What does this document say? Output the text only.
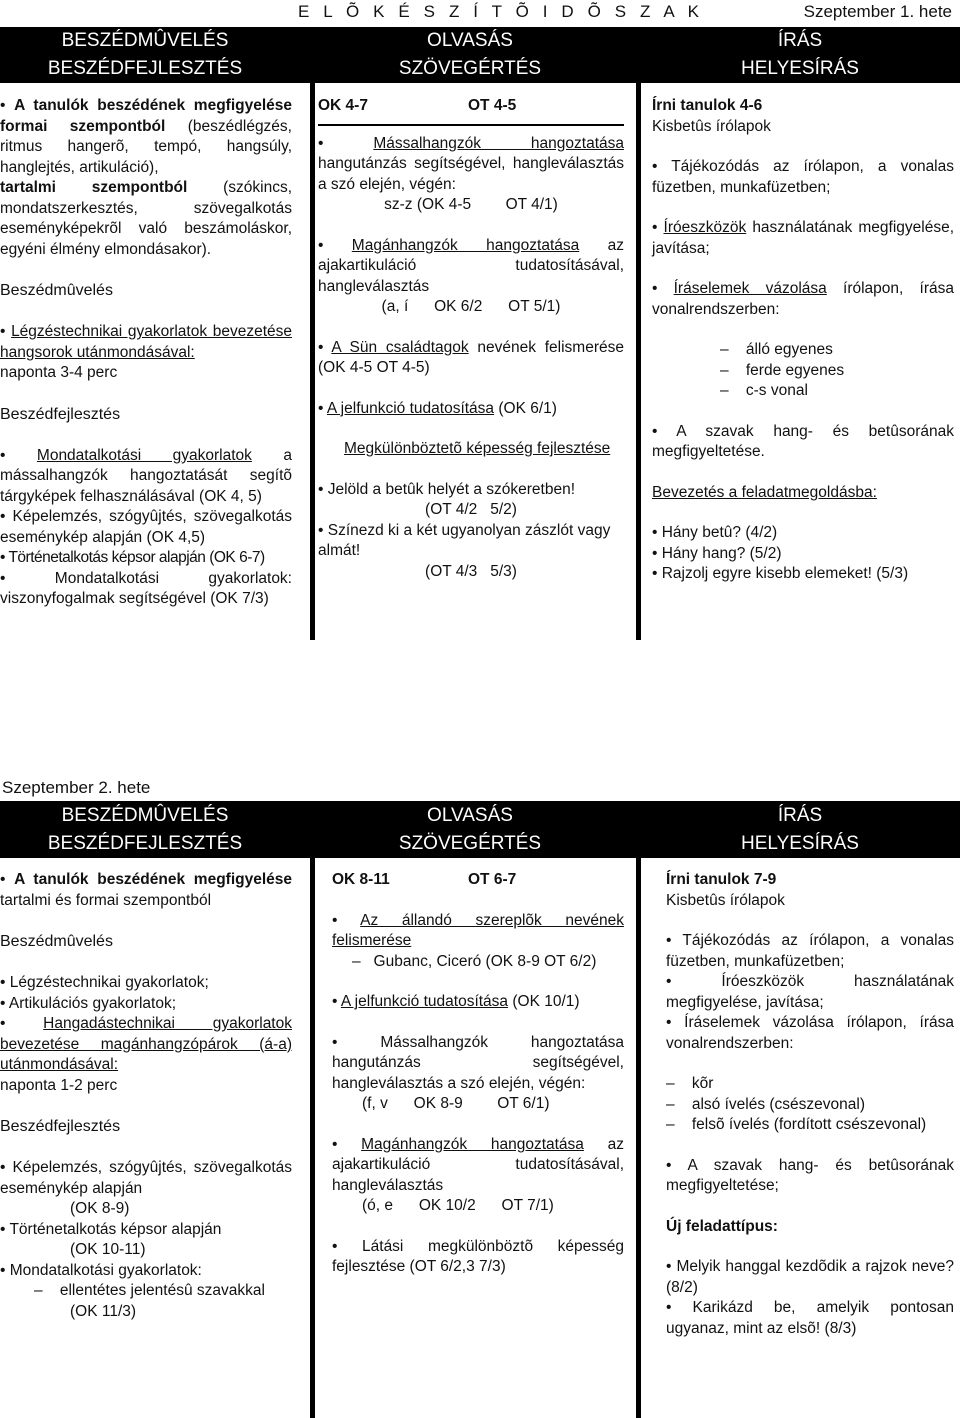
E L Õ K É S Z Í T Õ I D Õ S Z A K	Szeptember 1. hete
BESZÉDMÛVELÉS
BESZÉDFEJLESZTÉS
OLVASÁS
SZÖVEGÉRTÉS
ÍRÁS
HELYESÍRÁS

• A tanulók beszédének megfigyelése formai szempontból (beszédlégzés, ritmus hangerõ, tempó, hangsúly, hanglejtés, artikuláció),
tartalmi szempontból (szókincs, mondatszerkesztés, szövegalkotás eseményképekrõl való beszámoláskor, egyéni élmény elmondásakor).

Beszédmûvelés

• Légzéstechnikai gyakorlatok bevezetése hangsorok utánmondásával:
naponta 3-4 perc

Beszédfejlesztés

• Mondatalkotási gyakorlatok a mássalhangzók hangoztatását segítõ tárgyképek felhasználásával (OK 4, 5)

• Képelemzés, szógyûjtés, szövegalkotás eseménykép alapján (OK 4,5)

• Történetalkotás képsor alapján (OK 6-7)

• Mondatalkotási gyakorlatok: viszonyfogalmak segítségével (OK 7/3)

OK 4-7	OT 4-5

• Mássalhangzók hangoztatása hangutánzás segítségével, hangleválasztás a szó elején, végén:

sz-z (OK 4-5        OT 4/1)

• Magánhangzók hangoztatása az ajakartikuláció tudatosításával, hangleválasztás

(a, í      OK 6/2      OT 5/1)

• A Sün családtagok nevének felismerése (OK 4-5 OT 4-5)

• A jelfunkció tudatosítása (OK 6/1)

Megkülönböztetõ képesség fejlesztése

• Jelöld a betûk helyét a szókeretben!

(OT 4/2   5/2)

• Színezd ki a két ugyanolyan zászlót vagy almát!

(OT 4/3   5/3)

Írni tanulok 4-6

Kisbetûs írólapok

• Tájékozódás az írólapon, a vonalas füzetben, munkafüzetben;

• Íróeszközök használatának megfigyelése, javítása;

• Íráselemek vázolása írólapon, írása vonalrendszerben:

–    álló egyenes

–    ferde egyenes

–    c-s vonal

• A szavak hang- és betûsorának megfigyeltetése.

Bevezetés a feladatmegoldásba:

• Hány betû? (4/2)

• Hány hang? (5/2)

• Rajzolj egyre kisebb elemeket! (5/3)

Szeptember 2. hete
BESZÉDMÛVELÉS
BESZÉDFEJLESZTÉS
OLVASÁS
SZÖVEGÉRTÉS
ÍRÁS
HELYESÍRÁS

• A tanulók beszédének megfigyelése tartalmi és formai szempontból

Beszédmûvelés

• Légzéstechnikai gyakorlatok;

• Artikulációs gyakorlatok;

• Hangadástechnikai gyakorlatok bevezetése magánhangzópárok (á-a) utánmondásával:
naponta 1-2 perc

Beszédfejlesztés

• Képelemzés, szógyûjtés, szövegalkotás eseménykép alapján

(OK 8-9)

• Történetalkotás képsor alapján

(OK 10-11)

• Mondatalkotási gyakorlatok:

–    ellentétes jelentésû szavakkal

(OK 11/3)

OK 8-11	OT 6-7

• Az állandó szereplõk nevének felismerése

–   Gubanc, Ciceró (OK 8-9 OT 6/2)

• A jelfunkció tudatosítása (OK 10/1)

• Mássalhangzók hangoztatása hangutánzás segítségével, hangleválasztás a szó elején, végén:

(f, v      OK 8-9        OT 6/1)

• Magánhangzók hangoztatása az ajakartikuláció tudatosításával, hangleválasztás

(ó, e      OK 10/2      OT 7/1)

• Látási megkülönböztõ képesség fejlesztése (OT 6/2,3 7/3)

Írni tanulok 7-9

Kisbetûs írólapok

• Tájékozódás az írólapon, a vonalas füzetben, munkafüzetben;

• Íróeszközök használatának megfigyelése, javítása;

• Íráselemek vázolása írólapon, írása vonalrendszerben:

–    kõr

–    alsó ívelés (csészevonal)

–    felsõ ívelés (fordított csészevonal)

• A szavak hang- és betûsorának megfigyeltetése;

Új feladattípus:

• Melyik hanggal kezdõdik a rajzok neve? (8/2)

• Karikázd be, amelyik pontosan ugyanaz, mint az elsõ! (8/3)
